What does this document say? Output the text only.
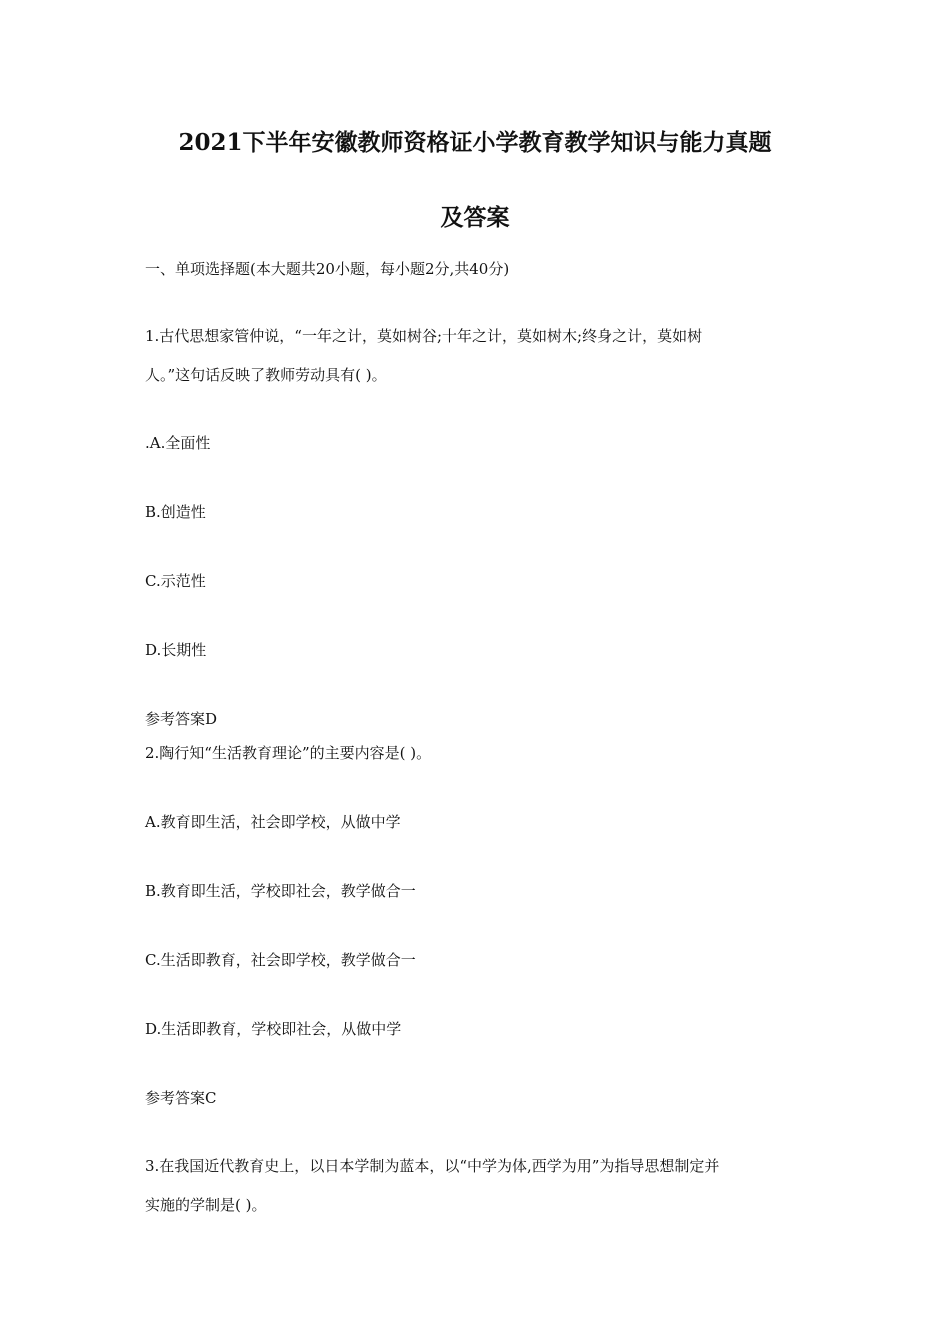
2021下半年安徽教师资格证小学教育教学知识与能力真题
及答案

一、单项选择题(本大题共20小题，每小题2分,共40分)

1.古代思想家管仲说，“一年之计，莫如树谷;十年之计，莫如树木;终身之计，莫如树

人。”这句话反映了教师劳动具有( )。

.A.全面性

B.创造性

C.示范性

D.长期性

参考答案D

2.陶行知“生活教育理论”的主要内容是( )。

A.教育即生活，社会即学校，从做中学

B.教育即生活，学校即社会，教学做合一

C.生活即教育，社会即学校，教学做合一

D.生活即教育，学校即社会，从做中学

参考答案C

3.在我国近代教育史上，以日本学制为蓝本，以“中学为体,西学为用”为指导思想制定并

实施的学制是( )。
